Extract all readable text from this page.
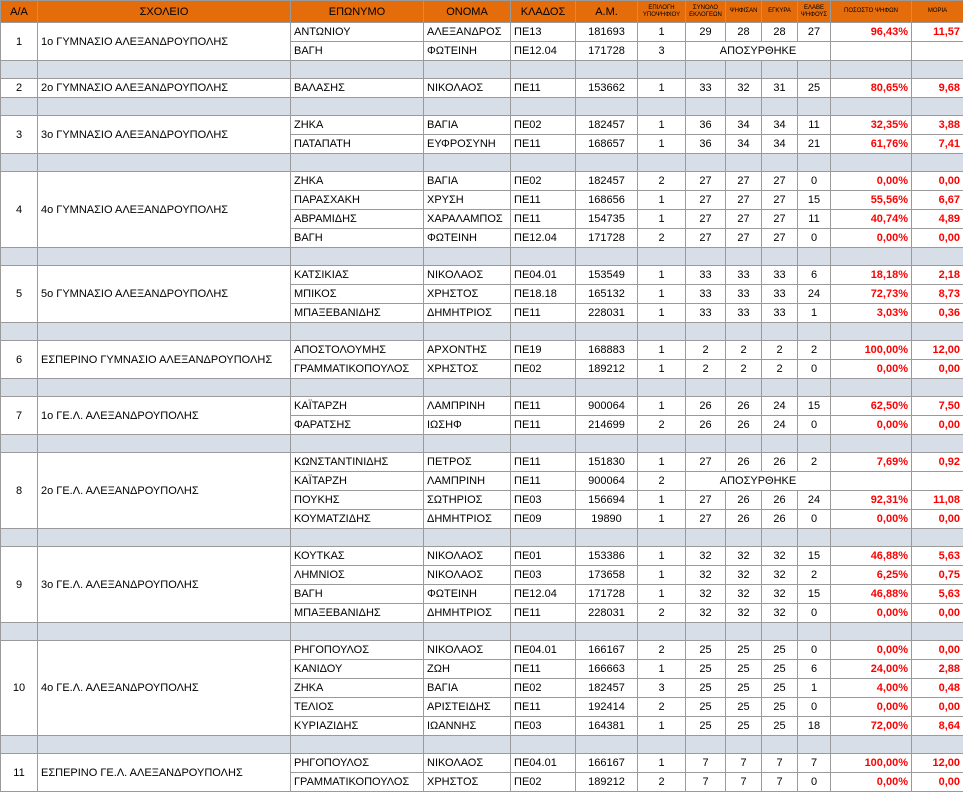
Α/Α	ΣΧΟΛΕΙΟ	ΕΠΩΝΥΜΟ	ΟΝΟΜΑ	ΚΛΑΔΟΣ	Α.Μ.	ΕΠΙΛΟΓΗ ΥΠΟΨΗΦΙΟΥ	ΣΥΝΟΛΟ ΕΚΛΟΓΕΩΝ	ΨΗΦΙΣΑΝ	ΕΓΚΥΡΑ	ΕΛΑΒΕ ΨΗΦΟΥΣ	ΠΟΣΟΣΤΟ ΨΗΦΩΝ	ΜΟΡΙΑ
1	1ο ΓΥΜΝΑΣΙΟ ΑΛΕΞΑΝΔΡΟΥΠΟΛΗΣ	ΑΝΤΩΝΙΟΥ	ΑΛΕΞΑΝΔΡΟΣ	ΠΕ13	181693	1	29	28	28	27	96,43%	11,57
		ΒΑΓΗ	ΦΩΤΕΙΝΗ	ΠΕ12.04	171728	3	ΑΠΟΣΥΡΘΗΚΕ					

2	2ο ΓΥΜΝΑΣΙΟ ΑΛΕΞΑΝΔΡΟΥΠΟΛΗΣ	ΒΑΛΑΣΗΣ	ΝΙΚΟΛΑΟΣ	ΠΕ11	153662	1	33	32	31	25	80,65%	9,68

3	3ο ΓΥΜΝΑΣΙΟ ΑΛΕΞΑΝΔΡΟΥΠΟΛΗΣ	ΖΗΚΑ	ΒΑΓΙΑ	ΠΕ02	182457	1	36	34	34	11	32,35%	3,88
		ΠΑΤΑΠΑΤΗ	ΕΥΦΡΟΣΥΝΗ	ΠΕ11	168657	1	36	34	34	21	61,76%	7,41

4	4ο ΓΥΜΝΑΣΙΟ ΑΛΕΞΑΝΔΡΟΥΠΟΛΗΣ	ΖΗΚΑ	ΒΑΓΙΑ	ΠΕ02	182457	2	27	27	27	0	0,00%	0,00
		ΠΑΡΑΣΧΑΚΗ	ΧΡΥΣΗ	ΠΕ11	168656	1	27	27	27	15	55,56%	6,67
		ΑΒΡΑΜΙΔΗΣ	ΧΑΡΑΛΑΜΠΟΣ	ΠΕ11	154735	1	27	27	27	11	40,74%	4,89
		ΒΑΓΗ	ΦΩΤΕΙΝΗ	ΠΕ12.04	171728	2	27	27	27	0	0,00%	0,00

5	5ο ΓΥΜΝΑΣΙΟ ΑΛΕΞΑΝΔΡΟΥΠΟΛΗΣ	ΚΑΤΣΙΚΙΑΣ	ΝΙΚΟΛΑΟΣ	ΠΕ04.01	153549	1	33	33	33	6	18,18%	2,18
		ΜΠΙΚΟΣ	ΧΡΗΣΤΟΣ	ΠΕ18.18	165132	1	33	33	33	24	72,73%	8,73
		ΜΠΑΞΕΒΑΝΙΔΗΣ	ΔΗΜΗΤΡΙΟΣ	ΠΕ11	228031	1	33	33	33	1	3,03%	0,36

6	ΕΣΠΕΡΙΝΟ ΓΥΜΝΑΣΙΟ ΑΛΕΞΑΝΔΡΟΥΠΟΛΗΣ	ΑΠΟΣΤΟΛΟΥΜΗΣ	ΑΡΧΟΝΤΗΣ	ΠΕ19	168883	1	2	2	2	2	100,00%	12,00
		ΓΡΑΜΜΑΤΙΚΟΠΟΥΛΟΣ	ΧΡΗΣΤΟΣ	ΠΕ02	189212	1	2	2	2	0	0,00%	0,00

7	1ο ΓΕ.Λ. ΑΛΕΞΑΝΔΡΟΥΠΟΛΗΣ	ΚΑΪΤΑΡΖΗ	ΛΑΜΠΡΙΝΗ	ΠΕ11	900064	1	26	26	24	15	62,50%	7,50
		ΦΑΡΑΤΣΗΣ	ΙΩΣΗΦ	ΠΕ11	214699	2	26	26	24	0	0,00%	0,00

8	2ο ΓΕ.Λ. ΑΛΕΞΑΝΔΡΟΥΠΟΛΗΣ	ΚΩΝΣΤΑΝΤΙΝΙΔΗΣ	ΠΕΤΡΟΣ	ΠΕ11	151830	1	27	26	26	2	7,69%	0,92
		ΚΑΪΤΑΡΖΗ	ΛΑΜΠΡΙΝΗ	ΠΕ11	900064	2	ΑΠΟΣΥΡΘΗΚΕ					
		ΠΟΥΚΗΣ	ΣΩΤΗΡΙΟΣ	ΠΕ03	156694	1	27	26	26	24	92,31%	11,08
		ΚΟΥΜΑΤΖΙΔΗΣ	ΔΗΜΗΤΡΙΟΣ	ΠΕ09	19890	1	27	26	26	0	0,00%	0,00

9	3ο ΓΕ.Λ. ΑΛΕΞΑΝΔΡΟΥΠΟΛΗΣ	ΚΟΥΤΚΑΣ	ΝΙΚΟΛΑΟΣ	ΠΕ01	153386	1	32	32	32	15	46,88%	5,63
		ΛΗΜΝΙΟΣ	ΝΙΚΟΛΑΟΣ	ΠΕ03	173658	1	32	32	32	2	6,25%	0,75
		ΒΑΓΗ	ΦΩΤΕΙΝΗ	ΠΕ12.04	171728	1	32	32	32	15	46,88%	5,63
		ΜΠΑΞΕΒΑΝΙΔΗΣ	ΔΗΜΗΤΡΙΟΣ	ΠΕ11	228031	2	32	32	32	0	0,00%	0,00

10	4ο ΓΕ.Λ. ΑΛΕΞΑΝΔΡΟΥΠΟΛΗΣ	ΡΗΓΟΠΟΥΛΟΣ	ΝΙΚΟΛΑΟΣ	ΠΕ04.01	166167	2	25	25	25	0	0,00%	0,00
		ΚΑΝΙΔΟΥ	ΖΩΗ	ΠΕ11	166663	1	25	25	25	6	24,00%	2,88
		ΖΗΚΑ	ΒΑΓΙΑ	ΠΕ02	182457	3	25	25	25	1	4,00%	0,48
		ΤΕΛΙΟΣ	ΑΡΙΣΤΕΙΔΗΣ	ΠΕ11	192414	2	25	25	25	0	0,00%	0,00
		ΚΥΡΙΑΖΙΔΗΣ	ΙΩΑΝΝΗΣ	ΠΕ03	164381	1	25	25	25	18	72,00%	8,64

11	ΕΣΠΕΡΙΝΟ ΓΕ.Λ. ΑΛΕΞΑΝΔΡΟΥΠΟΛΗΣ	ΡΗΓΟΠΟΥΛΟΣ	ΝΙΚΟΛΑΟΣ	ΠΕ04.01	166167	1	7	7	7	7	100,00%	12,00
		ΓΡΑΜΜΑΤΙΚΟΠΟΥΛΟΣ	ΧΡΗΣΤΟΣ	ΠΕ02	189212	2	7	7	7	0	0,00%	0,00
